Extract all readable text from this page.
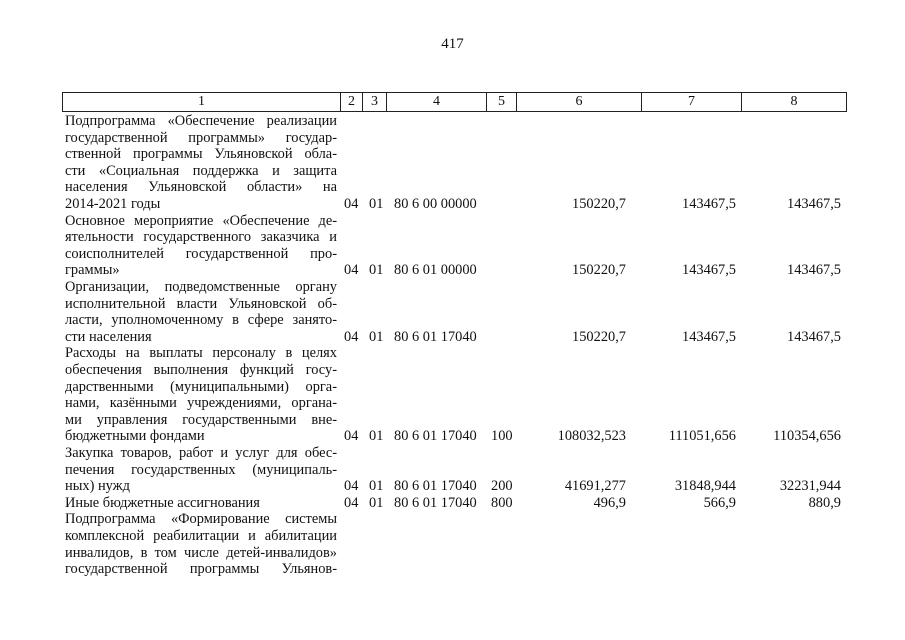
417
1	2	3	4	5	6	7	8
Подпрограмма «Обеспечение реализации
государственной программы» государ-
ственной программы Ульяновской обла-
сти «Социальная поддержка и защита
населения Ульяновской области» на
2014-2021 годы	04 01 80 6 00 00000	150220,7	143467,5	143467,5
Основное мероприятие «Обеспечение де-
ятельности государственного заказчика и
соисполнителей государственной про-
граммы»	04 01 80 6 01 00000	150220,7	143467,5	143467,5
Организации, подведомственные органу
исполнительной власти Ульяновской об-
ласти, уполномоченному в сфере занято-
сти населения	04 01 80 6 01 17040	150220,7	143467,5	143467,5
Расходы на выплаты персоналу в целях
обеспечения выполнения функций госу-
дарственными (муниципальными) орга-
нами, казёнными учреждениями, органа-
ми управления государственными вне-
бюджетными фондами	04 01 80 6 01 17040 100	108032,523	111051,656	110354,656
Закупка товаров, работ и услуг для обес-
печения государственных (муниципаль-
ных) нужд	04 01 80 6 01 17040 200	41691,277	31848,944	32231,944
Иные бюджетные ассигнования	04 01 80 6 01 17040 800	496,9	566,9	880,9
Подпрограмма «Формирование системы
комплексной реабилитации и абилитации
инвалидов, в том числе детей-инвалидов»
государственной программы Ульянов-
